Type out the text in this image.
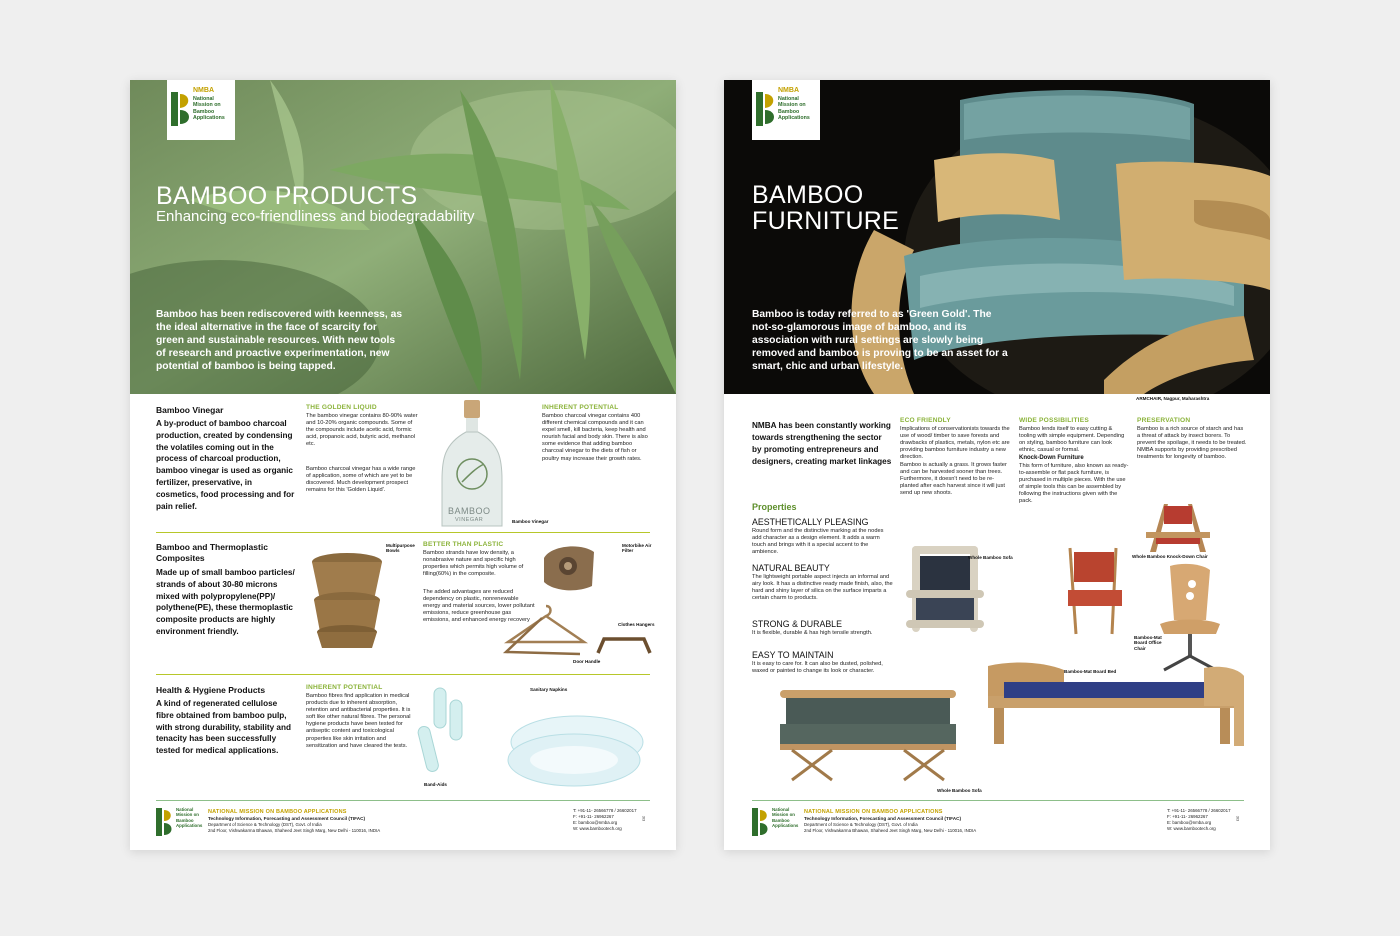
NMBA
National Mission on Bamboo Applications
BAMBOO PRODUCTS
Enhancing eco-friendliness and biodegradability
Bamboo has been rediscovered with keenness, as the ideal alternative in the face of scarcity for green and sustainable resources. With new tools of research and proactive experimentation, new potential of bamboo is being tapped.
Bamboo Vinegar
A by-product of bamboo charcoal production, created by condensing the volatiles coming out in the process of charcoal production, bamboo vinegar is used as organic fertilizer, preservative, in cosmetics, food processing and for pain relief.
THE GOLDEN LIQUID
The bamboo vinegar contains 80-90% water and 10-20% organic compounds. Some of the compounds include acetic acid, formic acid, propanoic acid, butyric acid, methanol etc.
Bamboo charcoal vinegar has a wide range of application, some of which are yet to be discovered. Much development prospect remains for this 'Golden Liquid'.
BAMBOO
VINEGAR	Bamboo Vinegar
INHERENT POTENTIAL
Bamboo charcoal vinegar contains 400 different chemical compounds and it can expel smell, kill bacteria, keep health and nourish facial and body skin. There is also some evidence that adding bamboo charcoal vinegar to the diets of fish or poultry may increase their growth rates.
Bamboo and Thermoplastic Composites
Made up of small bamboo particles/ strands of about 30-80 microns mixed with polypropylene(PP)/ polythene(PE), these thermoplastic composite products are highly environment friendly.
Multipurpose Bowls
BETTER THAN PLASTIC
Bamboo strands have low density, a nonabrasive nature and specific high properties which permits high volume of filling(60%) in the composite.
The added advantages are reduced dependency on plastic, nonrenewable energy and material sources, lower pollutant emissions, reduce greenhouse gas emissions, and enhanced energy recovery
Motorbike Air Filter
Clothes Hangers
Door Handle
Health & Hygiene Products
A kind of regenerated cellulose fibre obtained from bamboo pulp, with strong durability, stability and tenacity has been successfully tested for medical applications.
INHERENT POTENTIAL
Bamboo fibres find application in medical products due to inherent absorption, retention and antibacterial properties. It is soft like other natural fibres. The personal hygiene products have been tested for antiseptic content and toxicological properties like skin irritation and sensitization and have cleared the tests.
Band-Aids
Sanitary Napkins
National Mission on Bamboo Applications
NATIONAL MISSION ON BAMBOO APPLICATIONS
Technology Information, Forecasting and Assessment Council (TIFAC)
Department of Science & Technology (DST), Govt. of India
2nd Floor, Vishwakarma Bhawan, Shaheed Jeet Singh Marg, New Delhi - 110016, INDIA
T: +91-11- 26566778 / 26602017
F: +91-11- 26962267
E: bamboo@nmba.org
W: www.bambootech.org
3/3
NMBA
National Mission on Bamboo Applications
BAMBOO
FURNITURE
Bamboo is today referred to as 'Green Gold'. The not-so-glamorous image of bamboo, and its association with rural settings are slowly being removed and bamboo is proving to be an asset for a smart, chic and urban lifestyle.
ARMCHAIR, Nagpur, Maharashtra
NMBA has been constantly working towards strengthening the sector by promoting entrepreneurs and designers, creating market linkages
ECO FRIENDLY
Implications of conservationists towards the use of wood/ timber to save forests and drawbacks of plastics, metals, nylon etc are providing bamboo furniture industry a new direction.
Bamboo is actually a grass. It grows faster and can be harvested sooner than trees. Furthermore, it doesn't need to be re-planted after each harvest since it will just send up new shoots.
WIDE POSSIBILITIES
Bamboo lends itself to easy cutting & tooling with simple equipment. Depending on styling, bamboo furniture can look ethnic, casual or formal.
Knock-Down Furniture
This form of furniture, also known as ready-to-assemble or flat pack furniture, is purchased in multiple pieces. With the use of simple tools this can be assembled by following the instructions given with the pack.
PRESERVATION
Bamboo is a rich source of starch and has a threat of attack by insect borers. To prevent the spoilage, it needs to be treated. NMBA supports by providing prescribed treatments for longevity of bamboo.
Properties
AESTHETICALLY PLEASING
Round form and the distinctive marking at the nodes add character as a design element. It adds a warm touch and brings with it a special accent to the ambience.
NATURAL BEAUTY
The lightweight portable aspect injects an informal and airy look. It has a distinctive ready made finish, also, the hard and shiny layer of silica on the surface imparts a certain charm to products.
STRONG & DURABLE
It is flexible, durable & has high tensile strength.
EASY TO MAINTAIN
It is easy to care for. It can also be dusted, polished, waxed or painted to change its look or character.
Whole Bamboo Sofa	Whole Bamboo Knock-Down Chair
Bamboo-Mat Board Office Chair
Bamboo-Mat Board Bed
Whole Bamboo Sofa
National Mission on Bamboo Applications
NATIONAL MISSION ON BAMBOO APPLICATIONS
Technology Information, Forecasting and Assessment Council (TIFAC)
Department of Science & Technology (DST), Govt. of India
2nd Floor, Vishwakarma Bhawan, Shaheed Jeet Singh Marg, New Delhi - 110016, INDIA
T: +91-11- 26566778 / 26602017
F: +91-11- 26962267
E: bamboo@nmba.org
W: www.bambootech.org
3/3
